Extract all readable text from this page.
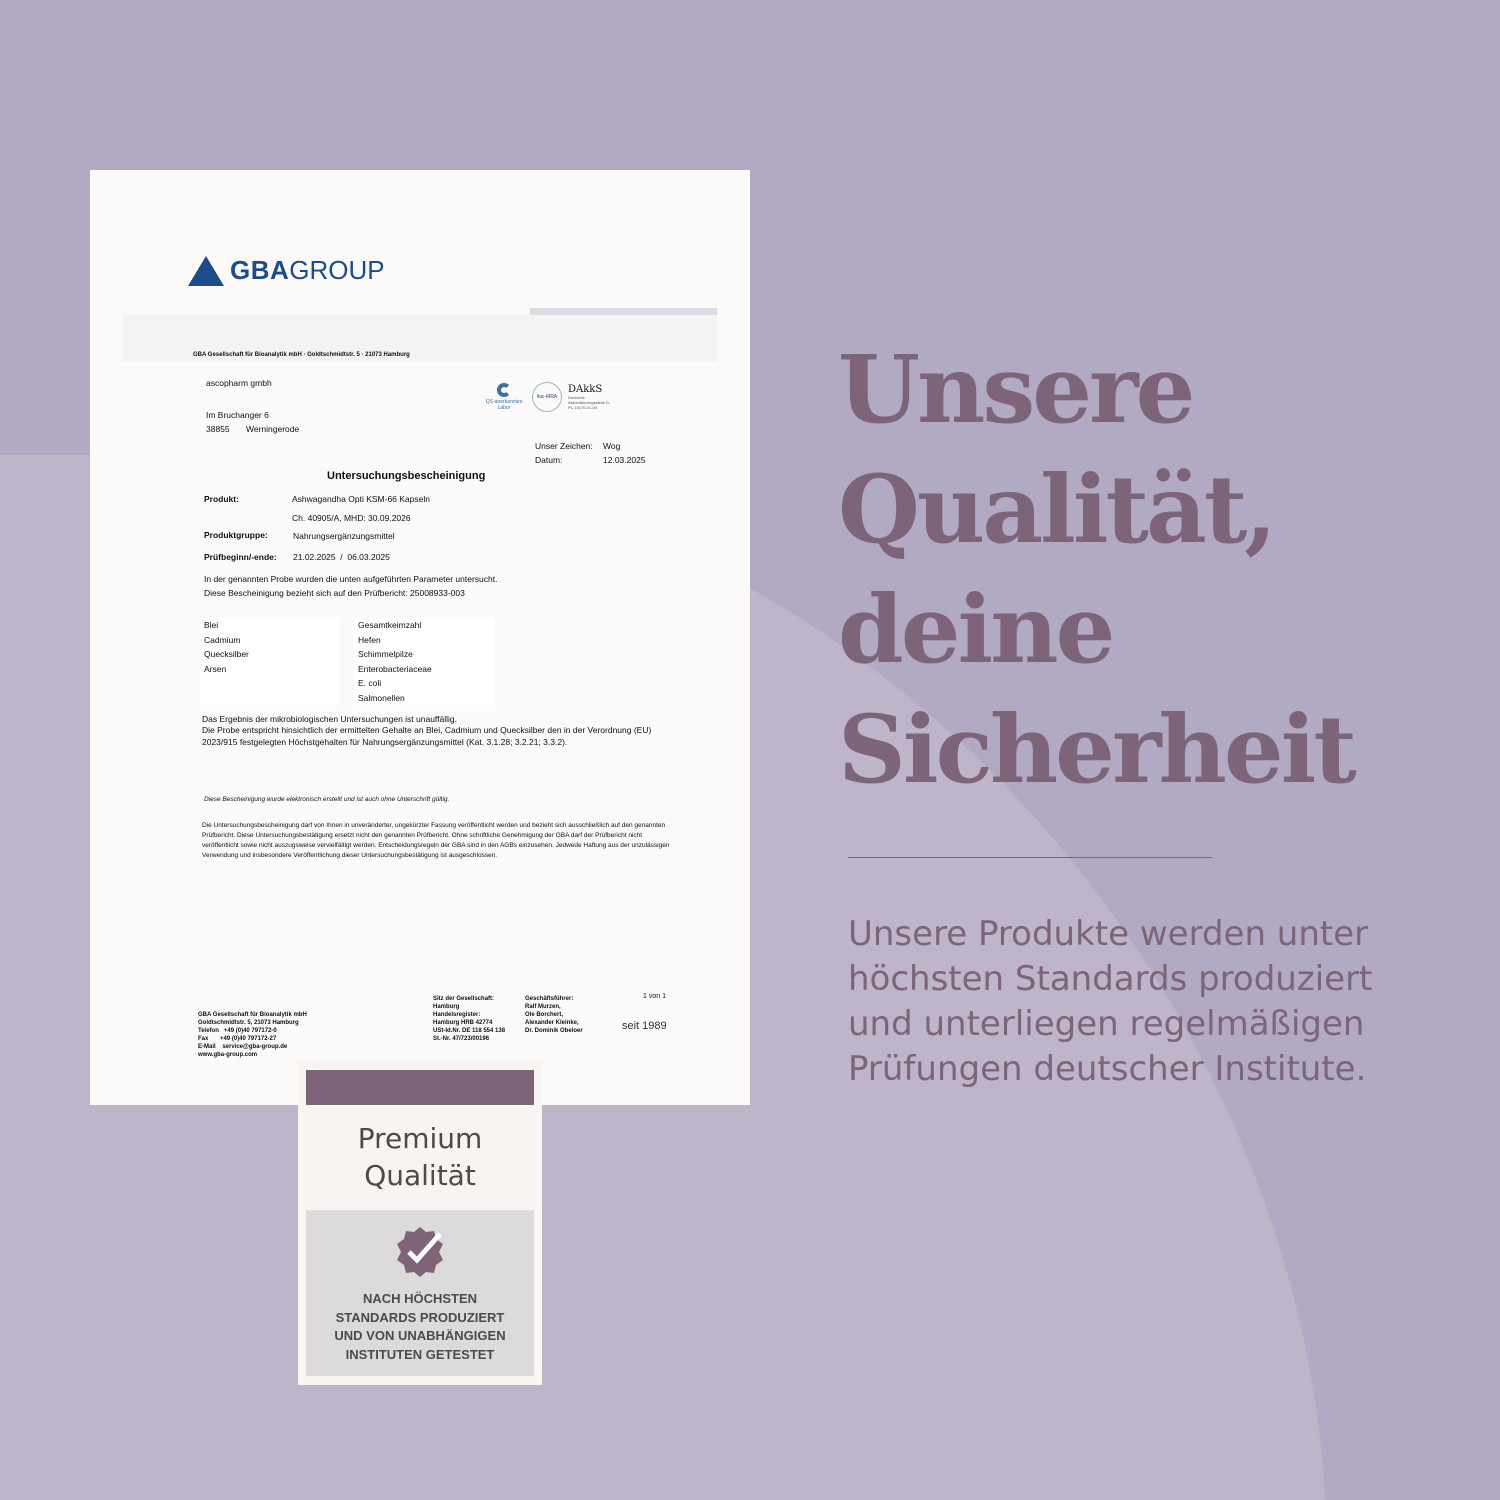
GBA GROUP
GBA Gesellschaft für Bioanalytik mbH · Goldtschmidtstr. 5 · 21073 Hamburg
ascopharm gmbh
Im Bruchanger 6
38855 Werningerode
QS-anerkanntes Labor
ilac-MRA
DAkkS
Deutsche Akkreditierungsstelle D-PL-14170-01-00
Unser Zeichen: Wog
Datum:	12.03.2025
Untersuchungsbescheinigung
Produkt:	Ashwagandha Opti KSM-66 Kapseln
Ch. 40905/A, MHD: 30.09.2026
Produktgruppe:	Nahrungsergänzungsmittel
Prüfbeginn/-ende: 21.02.2025  /  06.03.2025
In der genannten Probe wurden die unten aufgeführten Parameter untersucht.
Diese Bescheinigung bezieht sich auf den Prüfbericht: 25008933-003
Blei
Cadmium
Quecksilber
Arsen
Gesamtkeimzahl
Hefen
Schimmelpilze
Enterobacteriaceae
E. coli
Salmonellen
Das Ergebnis der mikrobiologischen Untersuchungen ist unauffällig.
Die Probe entspricht hinsichtlich der ermittelten Gehalte an Blei, Cadmium und Quecksilber den in der Verordnung (EU) 2023/915 festgelegten Höchstgehalten für Nahrungsergänzungsmittel (Kat. 3.1.28; 3.2.21; 3.3.2).
Diese Bescheinigung wurde elektronisch erstellt und ist auch ohne Unterschrift gültig.
Die Untersuchungsbescheinigung darf von Ihnen in unveränderter, ungekürzter Fassung veröffentlicht werden und bezieht sich ausschließlich auf den genannten Prüfbericht. Diese Untersuchungsbestätigung ersetzt nicht den genannten Prüfbericht. Ohne schriftliche Genehmigung der GBA darf der Prüfbericht nicht veröffentlicht sowie nicht auszugsweise vervielfältigt werden. Entscheidungsregeln der GBA sind in den AGBs einzusehen. Jedwede Haftung aus der unzulässigen Verwendung und insbesondere Veröffentlichung dieser Untersuchungsbestätigung ist ausgeschlossen.

GBA Gesellschaft für Bioanalytik mbH
Goldtschmidtstr. 5, 21073 Hamburg
Telefon   +49 (0)40 797172-0
Fax       +49 (0)40 797172-27
E-Mail    service@gba-group.de
www.gba-group.com

Sitz der Gesellschaft:
Hamburg
Handelsregister:
Hamburg HRB 42774
USt-Id.Nr. DE 118 554 138
St.-Nr. 47/723/00196
Geschäftsführer:
Ralf Murzen,
Ole Borchert,
Alexander Kleinke,
Dr. Dominik Obeloer
1 von 1
seit 1989
Unsere
Qualität,
deine
Sicherheit
Unsere Produkte werden unter höchsten Standards produziert und unterliegen regelmäßigen Prüfungen deutscher Institute.
Premium
Qualität
NACH HÖCHSTEN
STANDARDS PRODUZIERT
UND VON UNABHÄNGIGEN
INSTITUTEN GETESTET
